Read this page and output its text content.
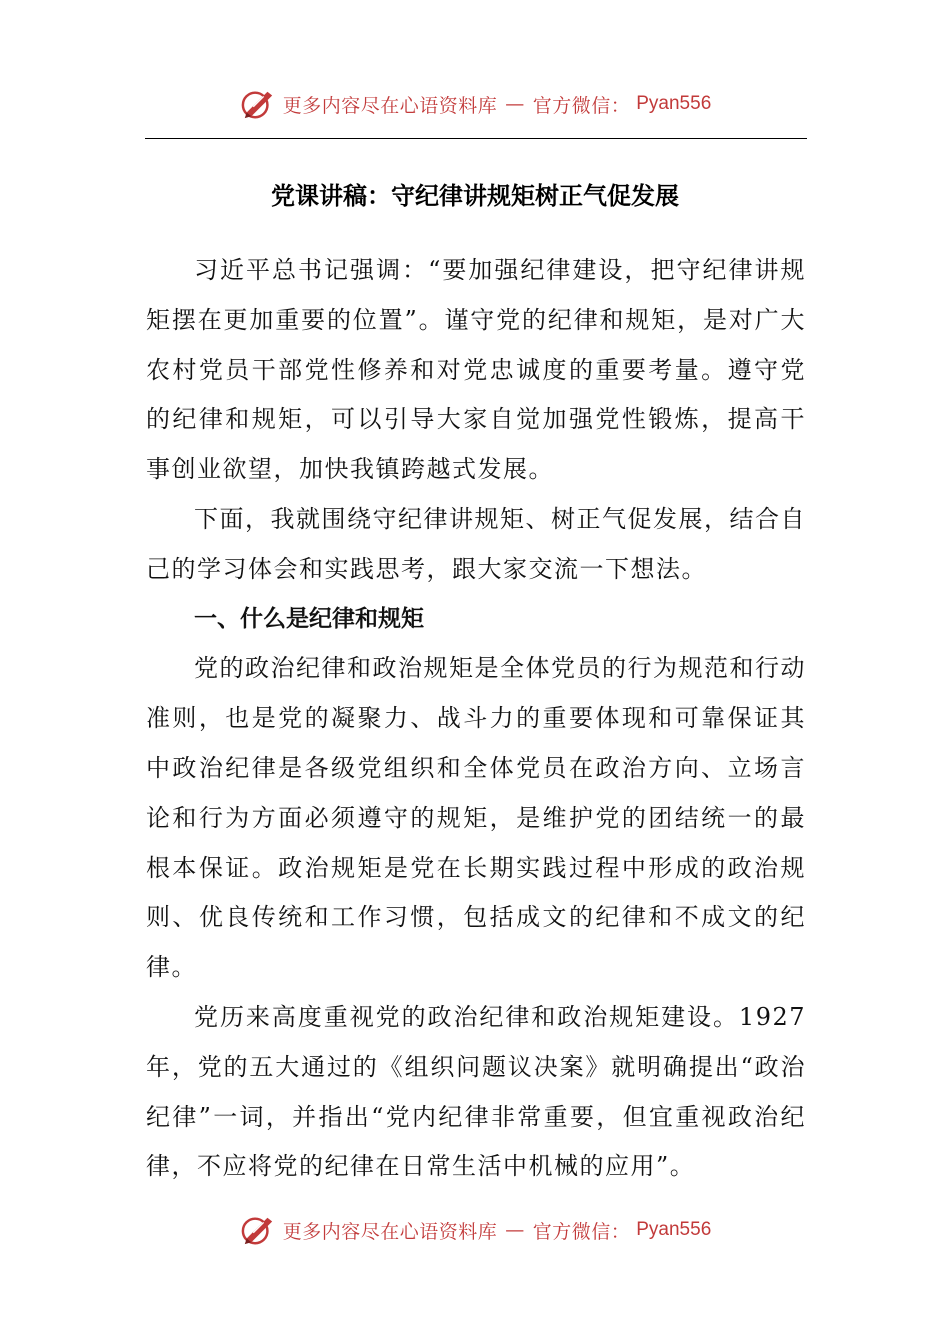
更多内容尽在心语资料库 — 官方微信： Pyan556
党课讲稿：守纪律讲规矩树正气促发展

习近平总书记强调：“要加强纪律建设，把守纪律讲规矩摆在更加重要的位置”。谨守党的纪律和规矩，是对广大农村党员干部党性修养和对党忠诚度的重要考量。遵守党的纪律和规矩，可以引导大家自觉加强党性锻炼，提高干事创业欲望，加快我镇跨越式发展。

下面，我就围绕守纪律讲规矩、树正气促发展，结合自己的学习体会和实践思考，跟大家交流一下想法。

一、什么是纪律和规矩

党的政治纪律和政治规矩是全体党员的行为规范和行动准则，也是党的凝聚力、战斗力的重要体现和可靠保证其中政治纪律是各级党组织和全体党员在政治方向、立场言论和行为方面必须遵守的规矩，是维护党的团结统一的最根本保证。政治规矩是党在长期实践过程中形成的政治规则、优良传统和工作习惯，包括成文的纪律和不成文的纪律。

党历来高度重视党的政治纪律和政治规矩建设。1927年，党的五大通过的《组织问题议决案》就明确提出“政治纪律”一词，并指出“党内纪律非常重要，但宜重视政治纪律，不应将党的纪律在日常生活中机械的应用”。

更多内容尽在心语资料库 — 官方微信： Pyan556
